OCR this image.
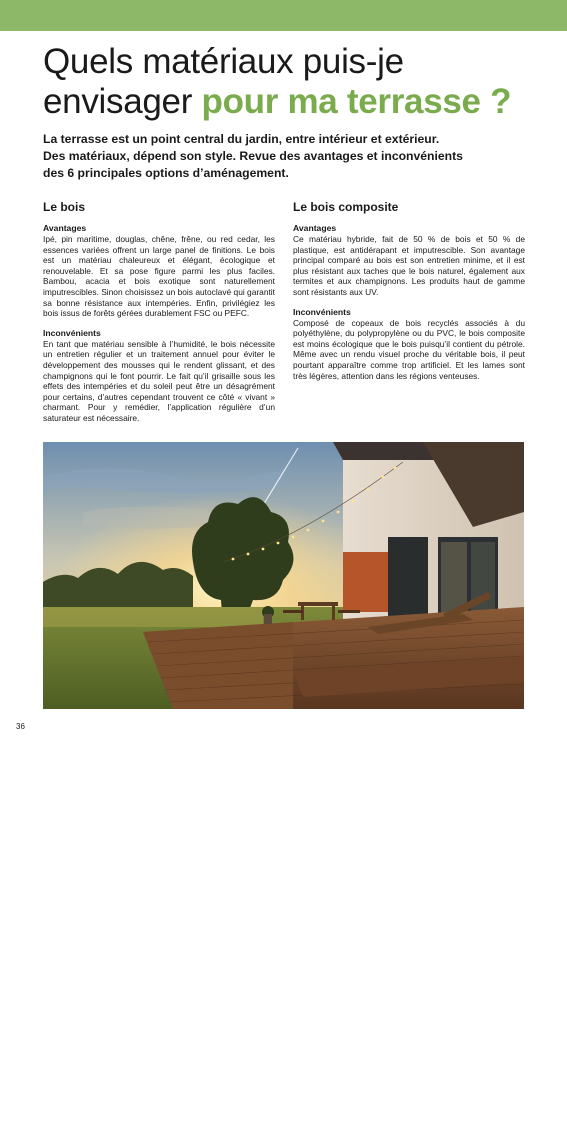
Quels matériaux puis-je
envisager pour ma terrasse ?

La terrasse est un point central du jardin, entre intérieur et extérieur.

Des matériaux, dépend son style. Revue des avantages et inconvénients

des 6 principales options d’aménagement.

Le bois
Avantages

Ipé, pin maritime, douglas, chêne, frêne, ou red cedar, les essences variées offrent un large panel de finitions. Le bois est un matériau chaleureux et élégant, écologique et renouvelable. Et sa pose figure parmi les plus faciles. Bambou, acacia et bois exotique sont naturellement imputrescibles. Sinon choisissez un bois autoclavé qui garantit sa bonne résistance aux intempéries. Enfin, privilégiez les bois issus de forêts gérées durablement FSC ou PEFC.

Inconvénients

En tant que matériau sensible à l’humidité, le bois nécessite un entretien régulier et un traitement annuel pour éviter le développement des mousses qui le rendent glissant, et des champignons qui le font pourrir. Le fait qu’il grisaille sous les effets des intempéries et du soleil peut être un désagrément pour certains, d’autres cependant trouvent ce côté « vivant » charmant. Pour y remédier, l’application régulière d’un saturateur est nécessaire.

Le bois composite
Avantages

Ce matériau hybride, fait de 50 % de bois et 50 % de plastique, est antidérapant et imputrescible. Son avantage principal comparé au bois est son entretien minime, et il est plus résistant aux taches que le bois naturel, également aux termites et aux champignons. Les produits haut de gamme sont résistants aux UV.

Inconvénients

Composé de copeaux de bois recyclés associés à du polyéthylène, du polypropylène ou du PVC, le bois composite est moins écologique que le bois puisqu’il contient du pétrole. Même avec un rendu visuel proche du véritable bois, il peut pourtant apparaître comme trop artificiel. Et les lames sont très légères, attention dans les régions venteuses.

©Ursa Kr.shutterstock.com
36
